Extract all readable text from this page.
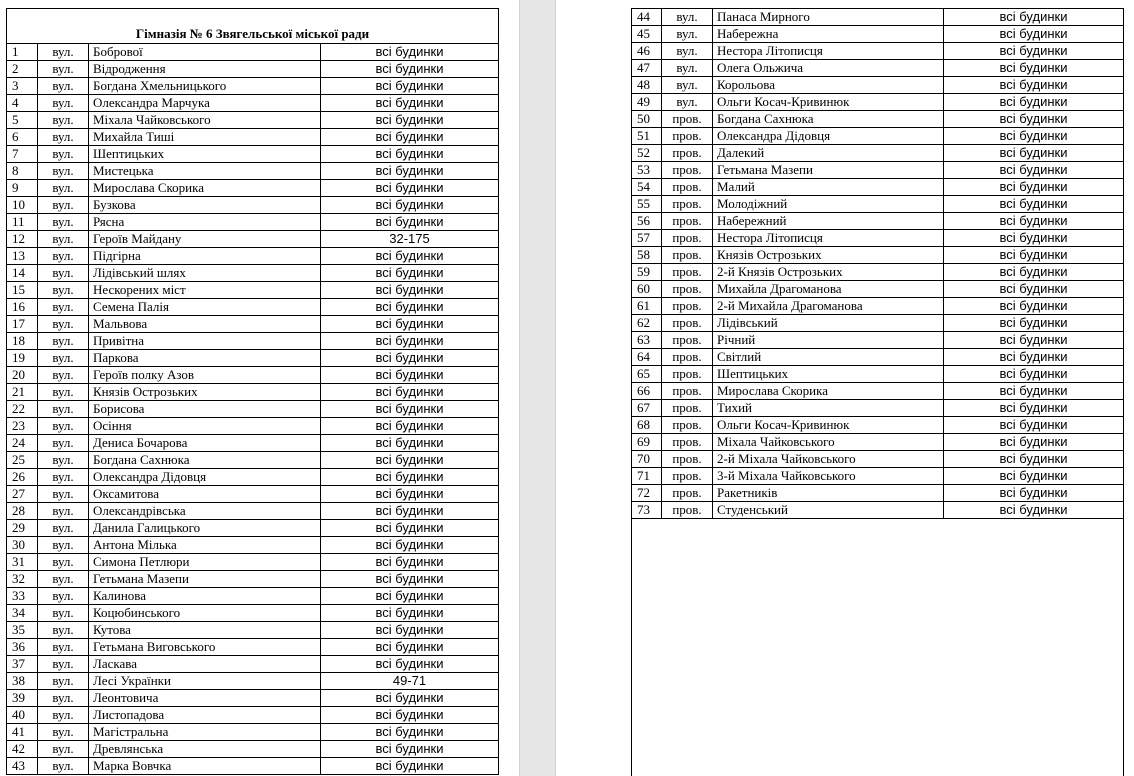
Гімназія № 6 Звягельської міської ради			
1	вул.	Бобрової	всі будинки
2	вул.	Відродження	всі будинки
3	вул.	Богдана Хмельницького	всі будинки
4	вул.	Олександра Марчука	всі будинки
5	вул.	Міхала Чайковського	всі будинки
6	вул.	Михайла Тиші	всі будинки
7	вул.	Шептицьких	всі будинки
8	вул.	Мистецька	всі будинки
9	вул.	Мирослава Скорика	всі будинки
10	вул.	Бузкова	всі будинки
11	вул.	Рясна	всі будинки
12	вул.	Героїв Майдану	32-175
13	вул.	Підгірна	всі будинки
14	вул.	Лідівський шлях	всі будинки
15	вул.	Нескорених міст	всі будинки
16	вул.	Семена Палія	всі будинки
17	вул.	Мальвова	всі будинки
18	вул.	Привітна	всі будинки
19	вул.	Паркова	всі будинки
20	вул.	Героїв полку Азов	всі будинки
21	вул.	Князів Острозьких	всі будинки
22	вул.	Борисова	всі будинки
23	вул.	Осіння	всі будинки
24	вул.	Дениса Бочарова	всі будинки
25	вул.	Богдана Сахнюка	всі будинки
26	вул.	Олександра Дідовця	всі будинки
27	вул.	Оксамитова	всі будинки
28	вул.	Олександрівська	всі будинки
29	вул.	Данила Галицького	всі будинки
30	вул.	Антона Мілька	всі будинки
31	вул.	Симона Петлюри	всі будинки
32	вул.	Гетьмана Мазепи	всі будинки
33	вул.	Калинова	всі будинки
34	вул.	Коцюбинського	всі будинки
35	вул.	Кутова	всі будинки
36	вул.	Гетьмана Виговського	всі будинки
37	вул.	Ласкава	всі будинки
38	вул.	Лесі Українки	49-71
39	вул.	Леонтовича	всі будинки
40	вул.	Листопадова	всі будинки
41	вул.	Магістральна	всі будинки
42	вул.	Древлянська	всі будинки
43	вул.	Марка Вовчка	всі будинки
44	вул.	Панаса Мирного	всі будинки
45	вул.	Набережна	всі будинки
46	вул.	Нестора Літописця	всі будинки
47	вул.	Олега Ольжича	всі будинки
48	вул.	Корольова	всі будинки
49	вул.	Ольги Косач-Кривинюк	всі будинки
50	пров.	Богдана Сахнюка	всі будинки
51	пров.	Олександра Дідовця	всі будинки
52	пров.	Далекий	всі будинки
53	пров.	Гетьмана Мазепи	всі будинки
54	пров.	Малий	всі будинки
55	пров.	Молодіжний	всі будинки
56	пров.	Набережний	всі будинки
57	пров.	Нестора Літописця	всі будинки
58	пров.	Князів Острозьких	всі будинки
59	пров.	2-й Князів Острозьких	всі будинки
60	пров.	Михайла Драгоманова	всі будинки
61	пров.	2-й Михайла Драгоманова	всі будинки
62	пров.	Лідівський	всі будинки
63	пров.	Річний	всі будинки
64	пров.	Світлий	всі будинки
65	пров.	Шептицьких	всі будинки
66	пров.	Мирослава Скорика	всі будинки
67	пров.	Тихий	всі будинки
68	пров.	Ольги Косач-Кривинюк	всі будинки
69	пров.	Міхала Чайковського	всі будинки
70	пров.	2-й Міхала Чайковського	всі будинки
71	пров.	3-й Міхала Чайковського	всі будинки
72	пров.	Ракетників	всі будинки
73	пров.	Студенський	всі будинки
